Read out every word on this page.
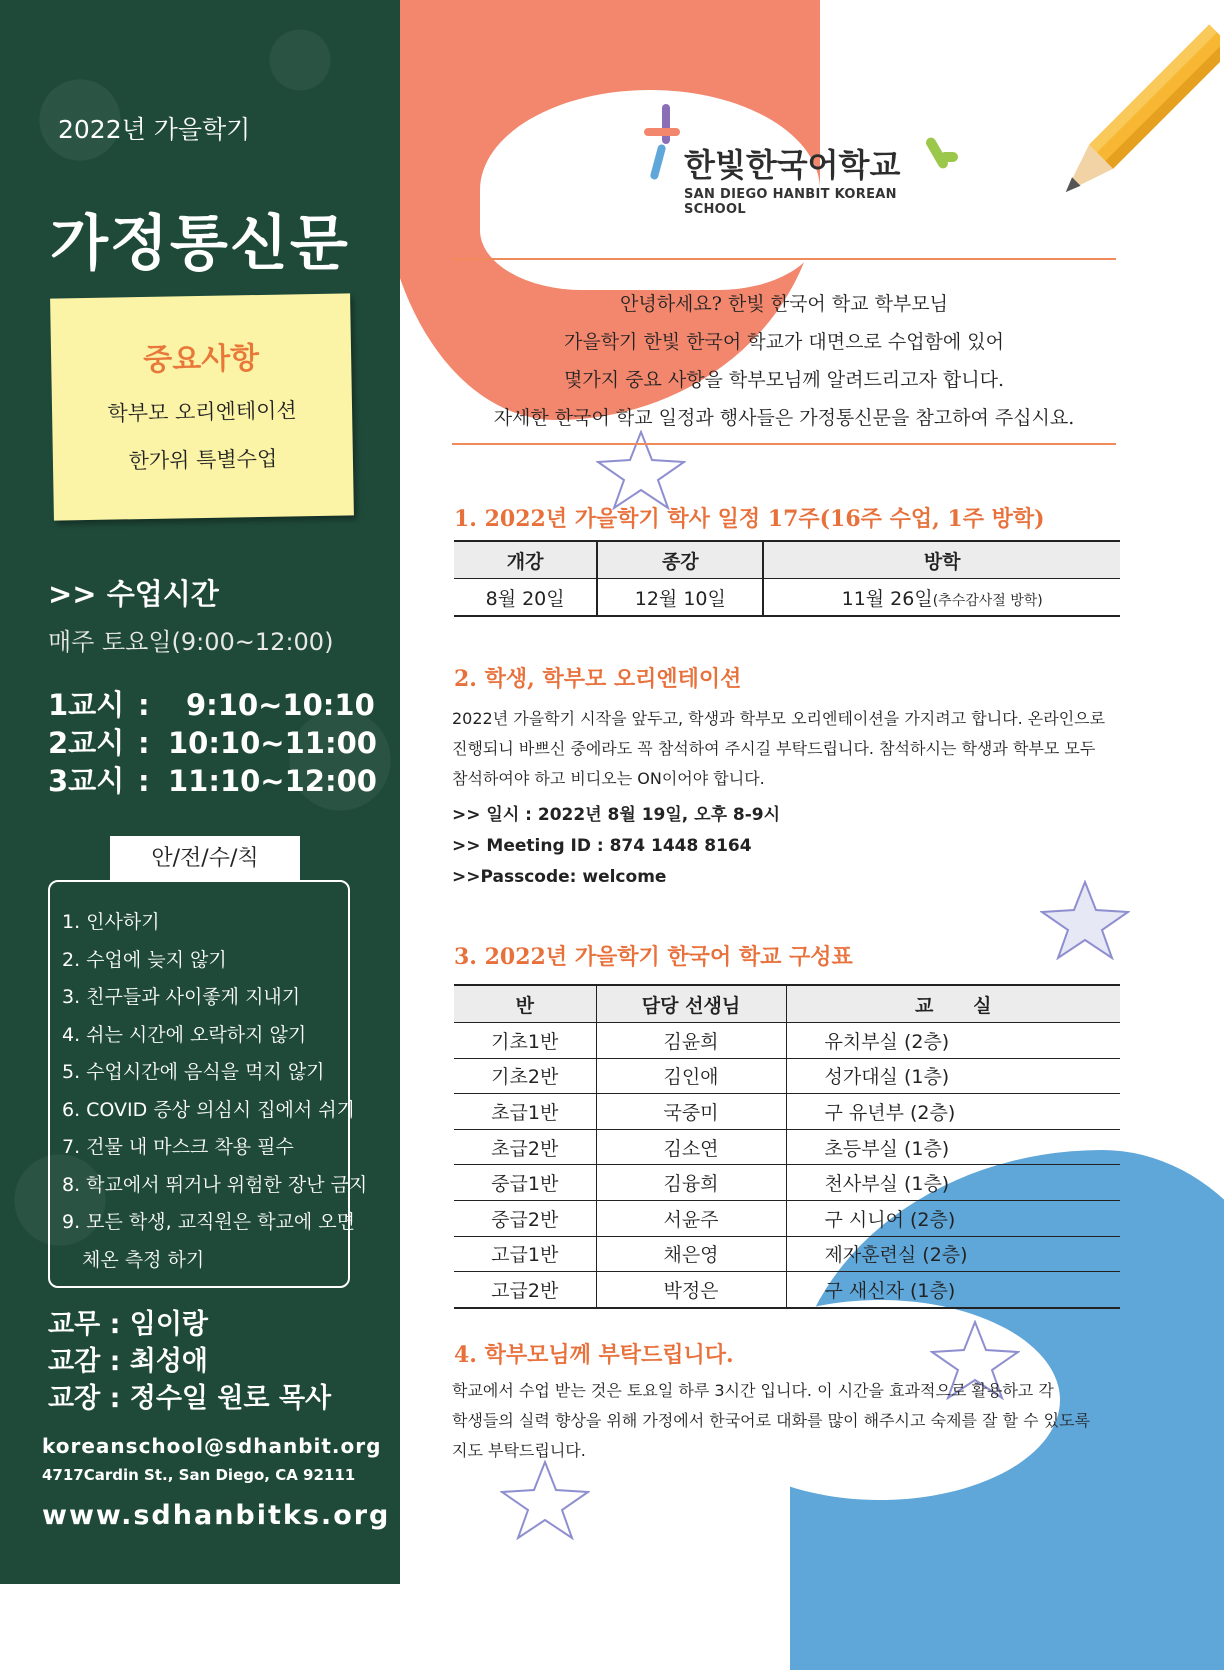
한빛한국어학교
SAN DIEGO HANBIT KOREAN SCHOOL
2022년 가을학기
가정통신문
중요사항
학부모 오리엔테이션
한가위 특별수업
>> 수업시간
매주 토요일(9:00~12:00)
1교시 : 9:10~10:10
2교시 : 10:10~11:00
3교시 : 11:10~12:00
안/전/수/칙
1. 인사하기
2. 수업에 늦지 않기
3. 친구들과 사이좋게 지내기
4. 쉬는 시간에 오락하지 않기
5. 수업시간에 음식을 먹지 않기
6. COVID 증상 의심시 집에서 쉬기
7. 건물 내 마스크 착용 필수
8. 학교에서 뛰거나 위험한 장난 금지
9. 모든 학생, 교직원은 학교에 오면
체온 측정 하기
교무 : 임이랑
교감 : 최성애
교장 : 정수일 원로 목사
koreanschool@sdhanbit.org
4717Cardin St., San Diego, CA 92111
www.sdhanbitks.org
안녕하세요? 한빛 한국어 학교 학부모님
가을학기 한빛 한국어 학교가 대면으로 수업함에 있어
몇가지 중요 사항을 학부모님께 알려드리고자 합니다.
자세한 한국어 학교 일정과 행사들은 가정통신문을 참고하여 주십시요.
1. 2022년 가을학기 학사 일정 17주(16주 수업, 1주 방학)
개강	종강	방학
8월 20일	12월 10일	11월 26일(추수감사절 방학)
2. 학생, 학부모 오리엔테이션
2022년 가을학기 시작을 앞두고, 학생과 학부모 오리엔테이션을 가지려고 합니다. 온라인으로
진행되니 바쁘신 중에라도 꼭 참석하여 주시길 부탁드립니다. 참석하시는 학생과 학부모 모두
참석하여야 하고 비디오는 ON이어야 합니다.
>> 일시 : 2022년 8월 19일, 오후 8-9시
>> Meeting ID : 874 1448 8164
>>Passcode: welcome
3. 2022년 가을학기 한국어 학교 구성표
반	담당 선생님	교      실
기초1반	김윤희	유치부실 (2층)
기초2반	김인애	성가대실 (1층)
초급1반	국중미	구 유년부 (2층)
초급2반	김소연	초등부실 (1층)
중급1반	김융희	천사부실 (1층)
중급2반	서윤주	구 시니어 (2층)
고급1반	채은영	제자훈련실 (2층)
고급2반	박정은	구 새신자 (1층)
4. 학부모님께 부탁드립니다.
학교에서 수업 받는 것은 토요일 하루 3시간 입니다. 이 시간을 효과적으로 활용하고 각
학생들의 실력 향상을 위해 가정에서 한국어로 대화를 많이 해주시고 숙제를 잘 할 수 있도록
지도 부탁드립니다.
